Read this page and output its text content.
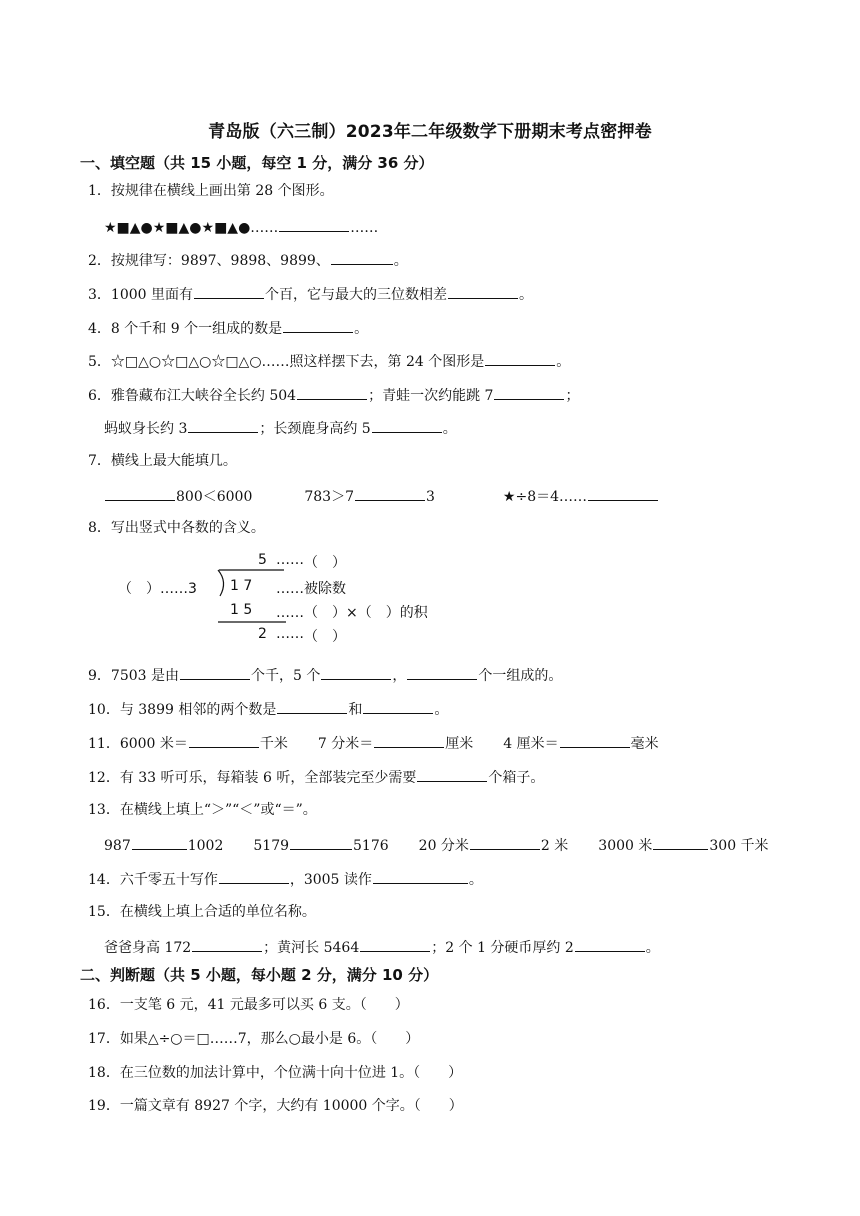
青岛版（六三制）2023年二年级数学下册期末考点密押卷
一、填空题（共 15 小题，每空 1 分，满分 36 分）
1．按规律在横线上画出第 28 个图形。
★■▲●★■▲●★■▲●……	……
2．按规律写：9897、9898、9899、	。
3．1000 里面有	个百，它与最大的三位数相差	。
4．8 个千和 9 个一组成的数是	。
5．☆□△○☆□△○☆□△○……照这样摆下去，第 24 个图形是	。
6．雅鲁藏布江大峡谷全长约 504	；青蛙一次约能跳 7	；
蚂蚁身长约 3	；长颈鹿身高约 5	。
7．横线上最大能填几。
800＜6000	783＞7	3	★÷8＝4……
8．写出竖式中各数的含义。
5 …… （　）
（　）……3 1 7 ……被除数
1 5 ……（　）×（　）的积
2 …… （　）
9．7503 是由	个千，5 个	，	个一组成的。
10．与 3899 相邻的两个数是	和	。
11．6000 米＝	千米 7 分米＝	厘米 4 厘米＝	毫米
12．有 33 听可乐，每箱装 6 听，全部装完至少需要	个箱子。
13．在横线上填上“＞”“＜”或“＝”。
987	1002 5179	5176 20 分米	2 米 3000 米	300 千米
14．六千零五十写作	，3005 读作	。
15．在横线上填上合适的单位名称。
爸爸身高 172	；黄河长 5464	；2 个 1 分硬币厚约 2	。
二、判断题（共 5 小题，每小题 2 分，满分 10 分）
16．一支笔 6 元，41 元最多可以买 6 支。（　　）
17．如果△÷○＝□……7，那么○最小是 6。（　　）
18．在三位数的加法计算中，个位满十向十位进 1。（　　）
19．一篇文章有 8927 个字，大约有 10000 个字。（　　）
